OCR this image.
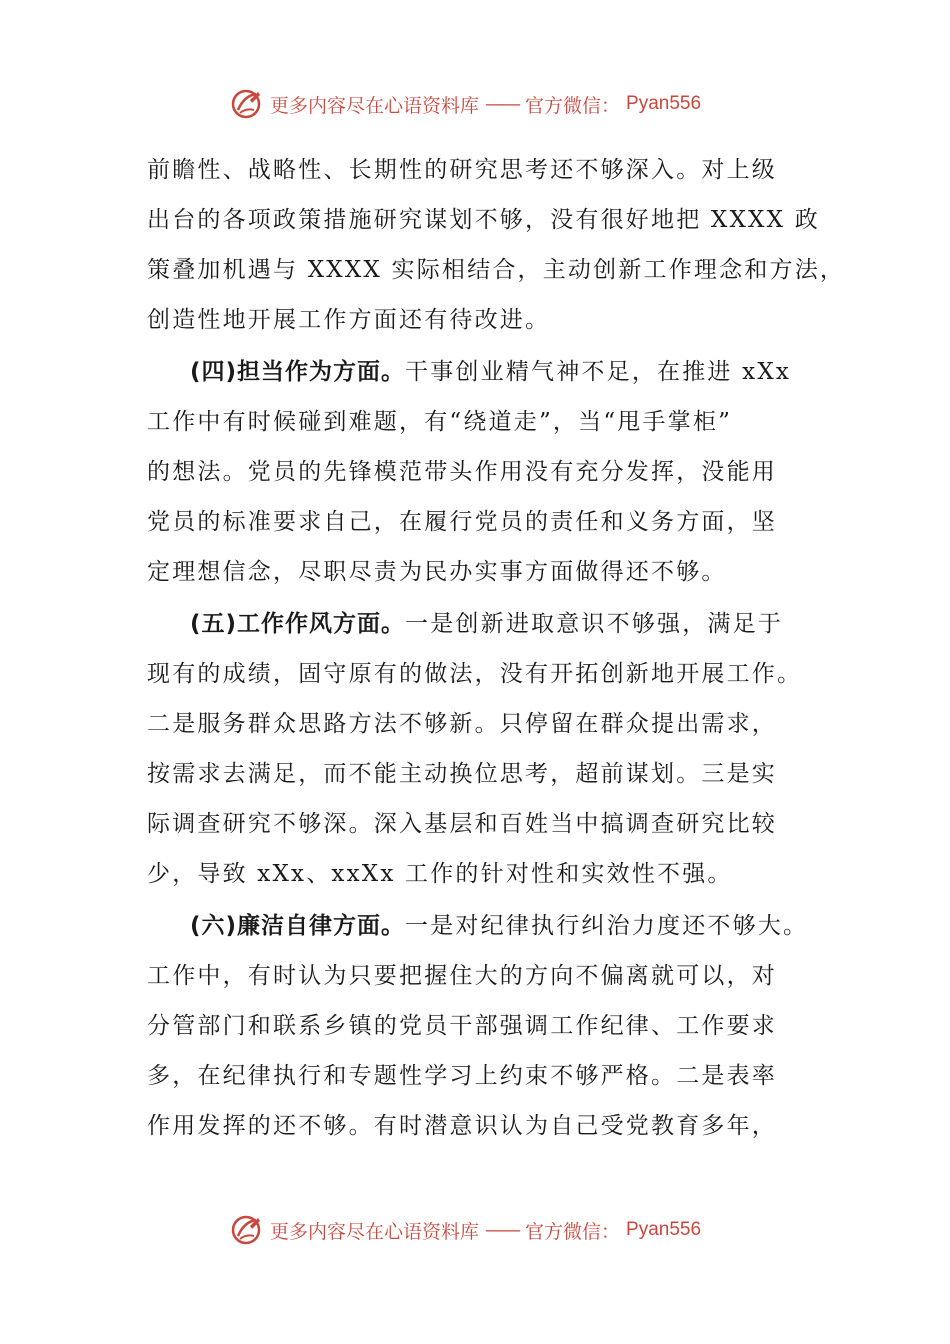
更多内容尽在心语资料库 —— 官方微信： Pyan556
前瞻性、战略性、长期性的研究思考还不够深入。对上级
出台的各项政策措施研究谋划不够，没有很好地把 XXXX 政
策叠加机遇与 XXXX 实际相结合，主动创新工作理念和方法，
创造性地开展工作方面还有待改进。
(四)担当作为方面。干事创业精气神不足，在推进 xXx
工作中有时候碰到难题，有“绕道走”，当“甩手掌柜”
的想法。党员的先锋模范带头作用没有充分发挥，没能用
党员的标准要求自己，在履行党员的责任和义务方面，坚
定理想信念，尽职尽责为民办实事方面做得还不够。
(五)工作作风方面。一是创新进取意识不够强，满足于
现有的成绩，固守原有的做法，没有开拓创新地开展工作。
二是服务群众思路方法不够新。只停留在群众提出需求，
按需求去满足，而不能主动换位思考，超前谋划。三是实
际调查研究不够深。深入基层和百姓当中搞调查研究比较
少，导致 xXx、xxXx 工作的针对性和实效性不强。
(六)廉洁自律方面。一是对纪律执行纠治力度还不够大。
工作中，有时认为只要把握住大的方向不偏离就可以，对
分管部门和联系乡镇的党员干部强调工作纪律、工作要求
多，在纪律执行和专题性学习上约束不够严格。二是表率
作用发挥的还不够。有时潜意识认为自己受党教育多年，
更多内容尽在心语资料库 —— 官方微信： Pyan556
